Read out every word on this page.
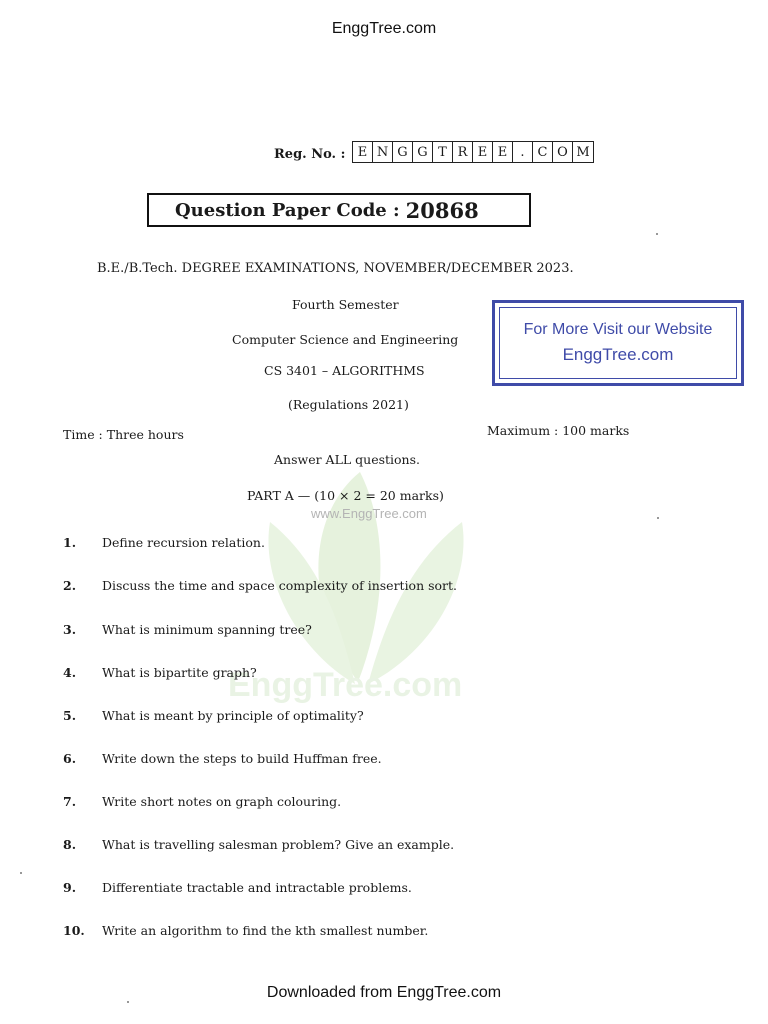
EnggTree.com
Reg. No. : E N G G T R E E	. C O M
Question Paper Code : 20868
B.E./B.Tech. DEGREE EXAMINATIONS, NOVEMBER/DECEMBER 2023.
Fourth Semester
Computer Science and Engineering
CS 3401 – ALGORITHMS
(Regulations 2021)
Time : Three hours	Maximum : 100 marks
For More Visit our Website
EnggTree.com
www.EnggTree.com
EnggTree.com
Answer ALL questions.
PART A — (10 × 2 = 20 marks)
1. Define recursion relation.
2. Discuss the time and space complexity of insertion sort.
3. What is minimum spanning tree?
4. What is bipartite graph?
5. What is meant by principle of optimality?
6. Write down the steps to build Huffman free.
7. Write short notes on graph colouring.
8. What is travelling salesman problem? Give an example.
9. Differentiate tractable and intractable problems.
10. Write an algorithm to find the kth smallest number.
Downloaded from EnggTree.com
